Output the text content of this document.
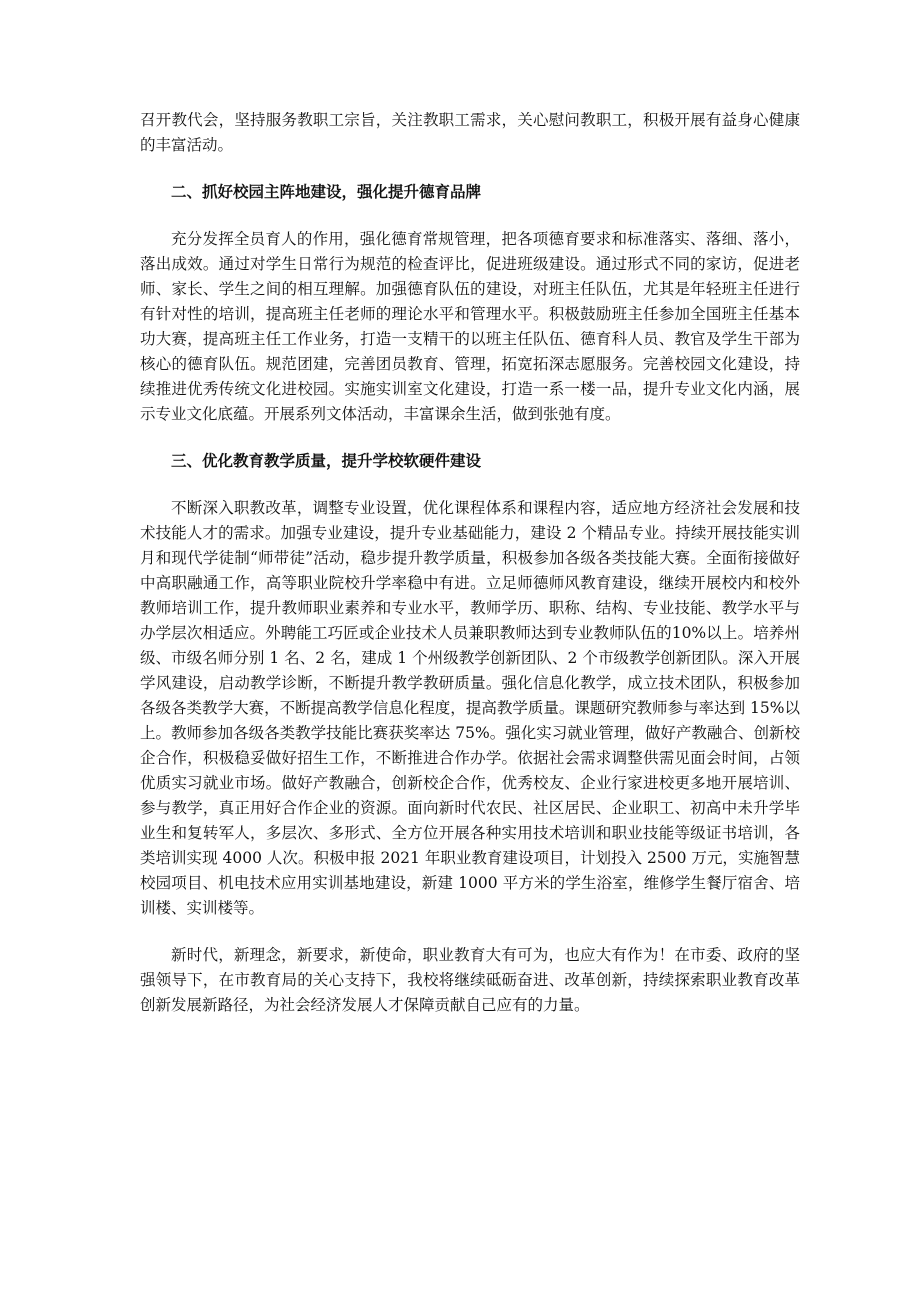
召开教代会，坚持服务教职工宗旨，关注教职工需求，关心慰问教职工，积极开展有益身心健康的丰富活动。

二、抓好校园主阵地建设，强化提升德育品牌

充分发挥全员育人的作用，强化德育常规管理，把各项德育要求和标准落实、落细、落小，落出成效。通过对学生日常行为规范的检查评比，促进班级建设。通过形式不同的家访，促进老师、家长、学生之间的相互理解。加强德育队伍的建设，对班主任队伍，尤其是年轻班主任进行有针对性的培训，提高班主任老师的理论水平和管理水平。积极鼓励班主任参加全国班主任基本功大赛，提高班主任工作业务，打造一支精干的以班主任队伍、德育科人员、教官及学生干部为核心的德育队伍。规范团建，完善团员教育、管理，拓宽拓深志愿服务。完善校园文化建设，持续推进优秀传统文化进校园。实施实训室文化建设，打造一系一楼一品，提升专业文化内涵，展示专业文化底蕴。开展系列文体活动，丰富课余生活，做到张弛有度。

三、优化教育教学质量，提升学校软硬件建设

不断深入职教改革，调整专业设置，优化课程体系和课程内容，适应地方经济社会发展和技术技能人才的需求。加强专业建设，提升专业基础能力，建设 2 个精品专业。持续开展技能实训月和现代学徒制“师带徒”活动，稳步提升教学质量，积极参加各级各类技能大赛。全面衔接做好中高职融通工作，高等职业院校升学率稳中有进。立足师德师风教育建设，继续开展校内和校外教师培训工作，提升教师职业素养和专业水平，教师学历、职称、结构、专业技能、教学水平与办学层次相适应。外聘能工巧匠或企业技术人员兼职教师达到专业教师队伍的10%以上。培养州级、市级名师分别 1 名、2 名，建成 1 个州级教学创新团队、2 个市级教学创新团队。深入开展学风建设，启动教学诊断，不断提升教学教研质量。强化信息化教学，成立技术团队，积极参加各级各类教学大赛，不断提高教学信息化程度，提高教学质量。课题研究教师参与率达到 15%以上。教师参加各级各类教学技能比赛获奖率达 75%。强化实习就业管理，做好产教融合、创新校企合作，积极稳妥做好招生工作，不断推进合作办学。依据社会需求调整供需见面会时间，占领优质实习就业市场。做好产教融合，创新校企合作，优秀校友、企业行家进校更多地开展培训、参与教学，真正用好合作企业的资源。面向新时代农民、社区居民、企业职工、初高中未升学毕业生和复转军人，多层次、多形式、全方位开展各种实用技术培训和职业技能等级证书培训，各类培训实现 4000 人次。积极申报 2021 年职业教育建设项目，计划投入 2500 万元，实施智慧校园项目、机电技术应用实训基地建设，新建 1000 平方米的学生浴室，维修学生餐厅宿舍、培训楼、实训楼等。

新时代，新理念，新要求，新使命，职业教育大有可为，也应大有作为！在市委、政府的坚强领导下，在市教育局的关心支持下，我校将继续砥砺奋进、改革创新，持续探索职业教育改革创新发展新路径，为社会经济发展人才保障贡献自己应有的力量。
